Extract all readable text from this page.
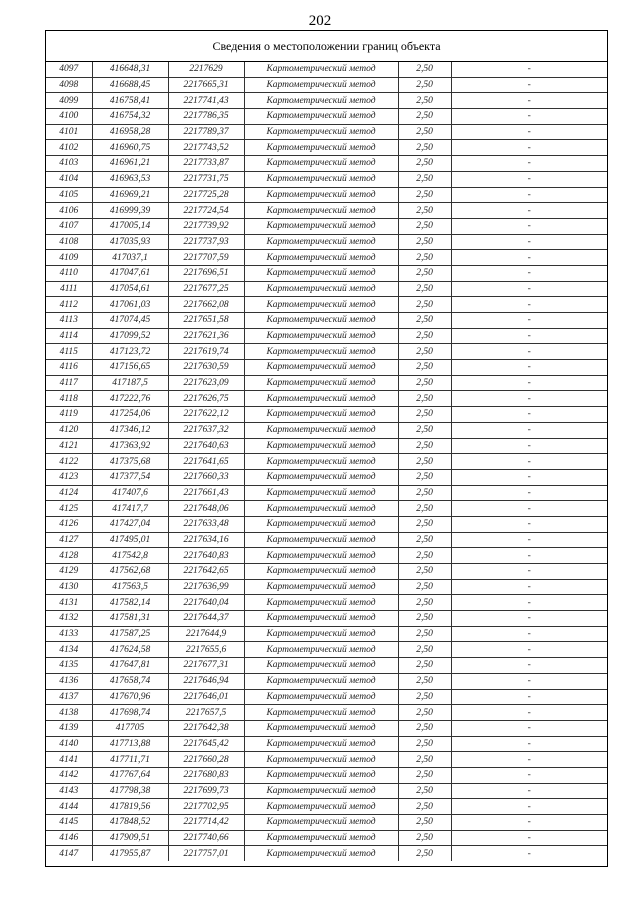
202
Сведения о местоположении границ объекта
4097	416648,31	2217629	Картометрический метод	2,50	-
4098	416688,45	2217665,31	Картометрический метод	2,50	-
4099	416758,41	2217741,43	Картометрический метод	2,50	-
4100	416754,32	2217786,35	Картометрический метод	2,50	-
4101	416958,28	2217789,37	Картометрический метод	2,50	-
4102	416960,75	2217743,52	Картометрический метод	2,50	-
4103	416961,21	2217733,87	Картометрический метод	2,50	-
4104	416963,53	2217731,75	Картометрический метод	2,50	-
4105	416969,21	2217725,28	Картометрический метод	2,50	-
4106	416999,39	2217724,54	Картометрический метод	2,50	-
4107	417005,14	2217739,92	Картометрический метод	2,50	-
4108	417035,93	2217737,93	Картометрический метод	2,50	-
4109	417037,1	2217707,59	Картометрический метод	2,50	-
4110	417047,61	2217696,51	Картометрический метод	2,50	-
4111	417054,61	2217677,25	Картометрический метод	2,50	-
4112	417061,03	2217662,08	Картометрический метод	2,50	-
4113	417074,45	2217651,58	Картометрический метод	2,50	-
4114	417099,52	2217621,36	Картометрический метод	2,50	-
4115	417123,72	2217619,74	Картометрический метод	2,50	-
4116	417156,65	2217630,59	Картометрический метод	2,50	-
4117	417187,5	2217623,09	Картометрический метод	2,50	-
4118	417222,76	2217626,75	Картометрический метод	2,50	-
4119	417254,06	2217622,12	Картометрический метод	2,50	-
4120	417346,12	2217637,32	Картометрический метод	2,50	-
4121	417363,92	2217640,63	Картометрический метод	2,50	-
4122	417375,68	2217641,65	Картометрический метод	2,50	-
4123	417377,54	2217660,33	Картометрический метод	2,50	-
4124	417407,6	2217661,43	Картометрический метод	2,50	-
4125	417417,7	2217648,06	Картометрический метод	2,50	-
4126	417427,04	2217633,48	Картометрический метод	2,50	-
4127	417495,01	2217634,16	Картометрический метод	2,50	-
4128	417542,8	2217640,83	Картометрический метод	2,50	-
4129	417562,68	2217642,65	Картометрический метод	2,50	-
4130	417563,5	2217636,99	Картометрический метод	2,50	-
4131	417582,14	2217640,04	Картометрический метод	2,50	-
4132	417581,31	2217644,37	Картометрический метод	2,50	-
4133	417587,25	2217644,9	Картометрический метод	2,50	-
4134	417624,58	2217655,6	Картометрический метод	2,50	-
4135	417647,81	2217677,31	Картометрический метод	2,50	-
4136	417658,74	2217646,94	Картометрический метод	2,50	-
4137	417670,96	2217646,01	Картометрический метод	2,50	-
4138	417698,74	2217657,5	Картометрический метод	2,50	-
4139	417705	2217642,38	Картометрический метод	2,50	-
4140	417713,88	2217645,42	Картометрический метод	2,50	-
4141	417711,71	2217660,28	Картометрический метод	2,50	-
4142	417767,64	2217680,83	Картометрический метод	2,50	-
4143	417798,38	2217699,73	Картометрический метод	2,50	-
4144	417819,56	2217702,95	Картометрический метод	2,50	-
4145	417848,52	2217714,42	Картометрический метод	2,50	-
4146	417909,51	2217740,66	Картометрический метод	2,50	-
4147	417955,87	2217757,01	Картометрический метод	2,50	-
